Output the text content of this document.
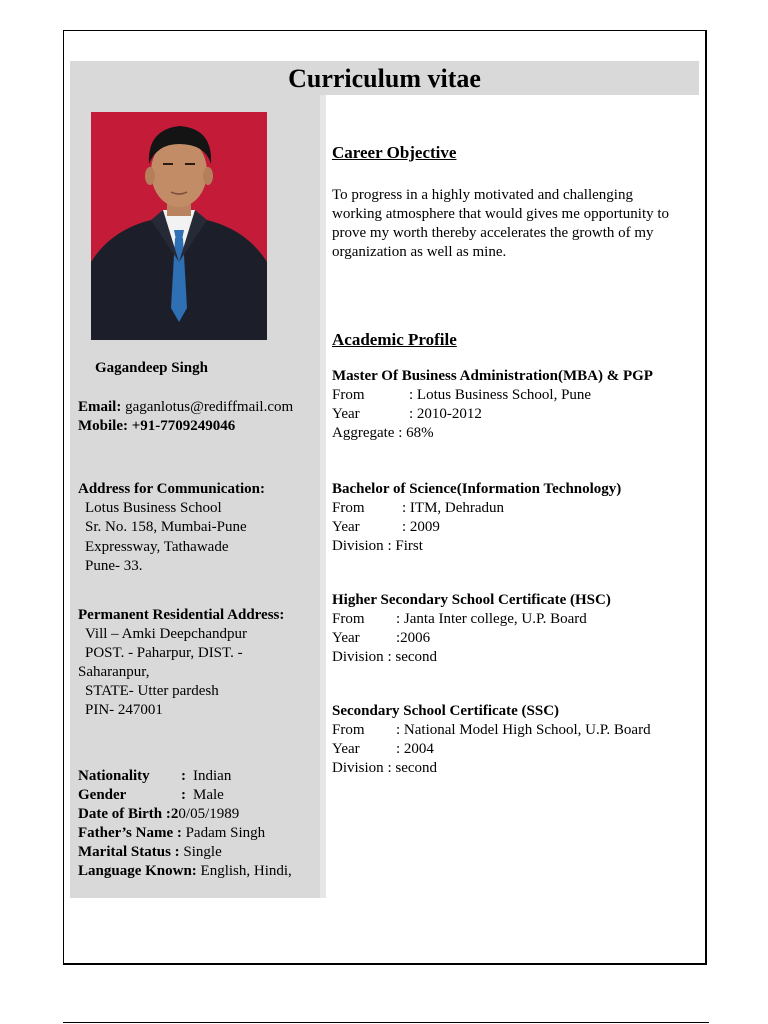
Curriculum vitae
Gagandeep Singh
Email: gaganlotus@rediffmail.com
Mobile: +91-7709249046
Address for Communication:
Lotus Business School
Sr. No. 158, Mumbai-Pune
Expressway, Tathawade
Pune- 33.
Permanent Residential Address:
Vill – Amki Deepchandpur
POST. - Paharpur, DIST. -
Saharanpur,
STATE- Utter pardesh
PIN- 247001
Nationality : Indian
Gender	: Male
Date of Birth :20/05/1989
Father’s Name : Padam Singh
Marital Status : Single
Language Known: English, Hindi,
Career Objective
To progress in a highly motivated and challenging
working atmosphere that would gives me opportunity to
prove my worth thereby accelerates the growth of my
organization as well as mine.
Academic Profile
Master Of Business Administration(MBA) & PGP
From	: Lotus Business School, Pune
Year	: 2010-2012
Aggregate : 68%
Bachelor of Science(Information Technology)
From : ITM, Dehradun
Year	: 2009
Division : First
Higher Secondary School Certificate (HSC)
From : Janta Inter college, U.P. Board
Year :2006
Division : second
Secondary School Certificate (SSC)
From : National Model High School, U.P. Board
Year : 2004
Division : second
